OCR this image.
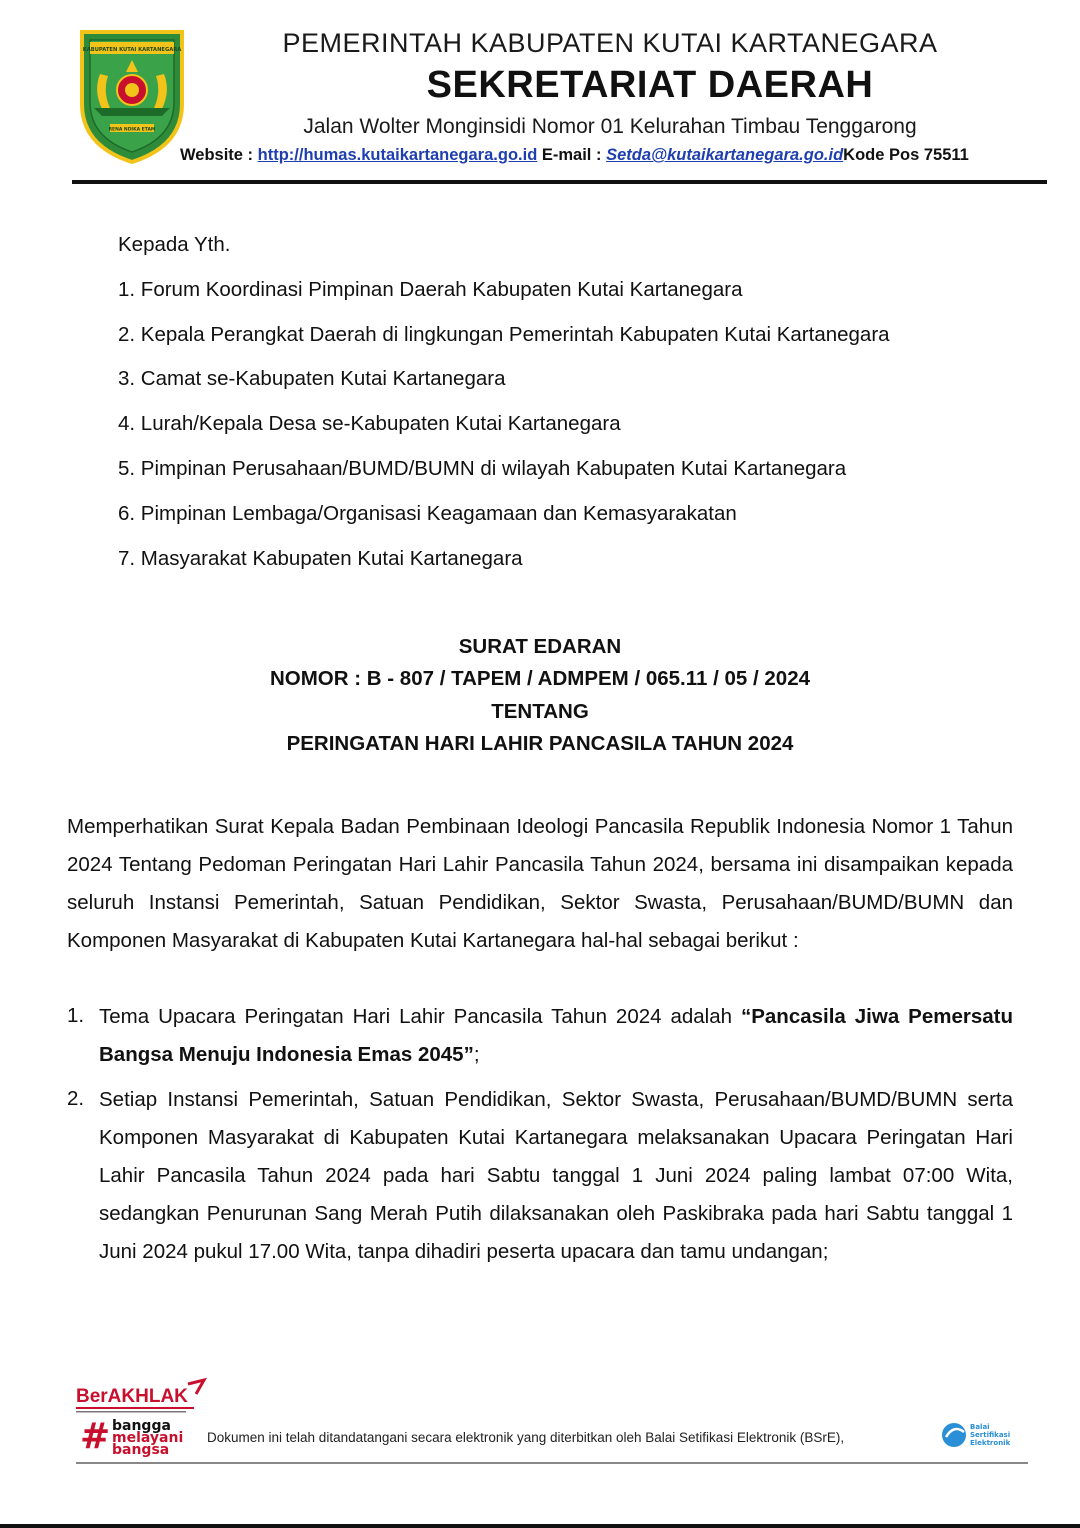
KABUPATEN KUTAI KARTANEGARA
RENA NDIKA ETAM
PEMERINTAH KABUPATEN KUTAI KARTANEGARA
SEKRETARIAT DAERAH
Jalan Wolter Monginsidi Nomor 01 Kelurahan Timbau Tenggarong
Website : http://humas.kutaikartanegara.go.id E-mail : Setda@kutaikartanegara.go.idKode Pos 75511
Kepada Yth.
1. Forum Koordinasi Pimpinan Daerah Kabupaten Kutai Kartanegara
2. Kepala Perangkat Daerah di lingkungan Pemerintah Kabupaten Kutai Kartanegara
3. Camat se-Kabupaten Kutai Kartanegara
4. Lurah/Kepala Desa se-Kabupaten Kutai Kartanegara
5. Pimpinan Perusahaan/BUMD/BUMN di wilayah Kabupaten Kutai Kartanegara
6. Pimpinan Lembaga/Organisasi Keagamaan dan Kemasyarakatan
7. Masyarakat Kabupaten Kutai Kartanegara
SURAT EDARAN
NOMOR : B - 807 / TAPEM / ADMPEM / 065.11 / 05 / 2024
TENTANG
PERINGATAN HARI LAHIR PANCASILA TAHUN 2024
Memperhatikan Surat Kepala Badan Pembinaan Ideologi Pancasila Republik Indonesia Nomor 1 Tahun 2024 Tentang Pedoman Peringatan Hari Lahir Pancasila Tahun 2024, bersama ini disampaikan kepada seluruh Instansi Pemerintah, Satuan Pendidikan, Sektor Swasta, Perusahaan/BUMD/BUMN dan Komponen Masyarakat di Kabupaten Kutai Kartanegara hal-hal sebagai berikut :
1. Tema Upacara Peringatan Hari Lahir Pancasila Tahun 2024 adalah “Pancasila Jiwa Pemersatu Bangsa Menuju Indonesia Emas 2045”;
2. Setiap Instansi Pemerintah, Satuan Pendidikan, Sektor Swasta, Perusahaan/BUMD/BUMN serta Komponen Masyarakat di Kabupaten Kutai Kartanegara melaksanakan Upacara Peringatan Hari Lahir Pancasila Tahun 2024 pada hari Sabtu tanggal 1 Juni 2024 paling lambat 07:00 Wita, sedangkan Penurunan Sang Merah Putih dilaksanakan oleh Paskibraka pada hari Sabtu tanggal 1 Juni 2024 pukul 17.00 Wita, tanpa dihadiri peserta upacara dan tamu undangan;
BerAKHLAK
# bangga
melayani
bangsa
Dokumen ini telah ditandatangani secara elektronik yang diterbitkan oleh Balai Setifikasi Elektronik (BSrE),
Balai
Sertifikasi
Elektronik
